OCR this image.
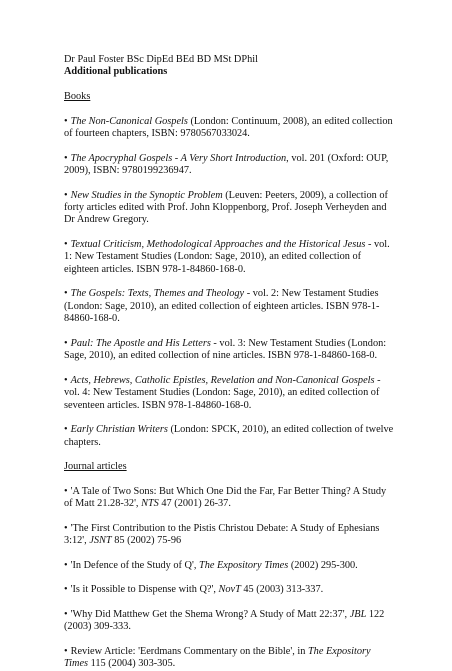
Dr Paul Foster BSc DipEd BEd BD MSt DPhil
Additional publications
Books
• The Non-Canonical Gospels (London: Continuum, 2008), an edited collection of fourteen chapters, ISBN: 9780567033024.
• The Apocryphal Gospels - A Very Short Introduction, vol. 201 (Oxford: OUP, 2009), ISBN: 9780199236947.
• New Studies in the Synoptic Problem (Leuven: Peeters, 2009), a collection of forty articles edited with Prof. John Kloppenborg, Prof. Joseph Verheyden and Dr Andrew Gregory.
• Textual Criticism, Methodological Approaches and the Historical Jesus - vol. 1: New Testament Studies (London: Sage, 2010), an edited collection of eighteen articles. ISBN 978-1-84860-168-0.
• The Gospels: Texts, Themes and Theology - vol. 2: New Testament Studies (London: Sage, 2010), an edited collection of eighteen articles. ISBN 978-1-84860-168-0.
• Paul: The Apostle and His Letters - vol. 3: New Testament Studies (London: Sage, 2010), an edited collection of nine articles. ISBN 978-1-84860-168-0.
• Acts, Hebrews, Catholic Epistles, Revelation and Non-Canonical Gospels - vol. 4: New Testament Studies (London: Sage, 2010), an edited collection of seventeen articles. ISBN 978-1-84860-168-0.
• Early Christian Writers (London: SPCK, 2010), an edited collection of twelve chapters.
Journal articles
• 'A Tale of Two Sons: But Which One Did the Far, Far Better Thing? A Study of Matt 21.28-32', NTS 47 (2001) 26-37.
• 'The First Contribution to the Pistis Christou Debate: A Study of Ephesians 3:12', JSNT 85 (2002) 75-96
• 'In Defence of the Study of Q', The Expository Times (2002) 295-300.
• 'Is it Possible to Dispense with Q?', NovT 45 (2003) 313-337.
• 'Why Did Matthew Get the Shema Wrong? A Study of Matt 22:37', JBL 122 (2003) 309-333.
• Review Article: 'Eerdmans Commentary on the Bible', in The Expository Times 115 (2004) 303-305.
